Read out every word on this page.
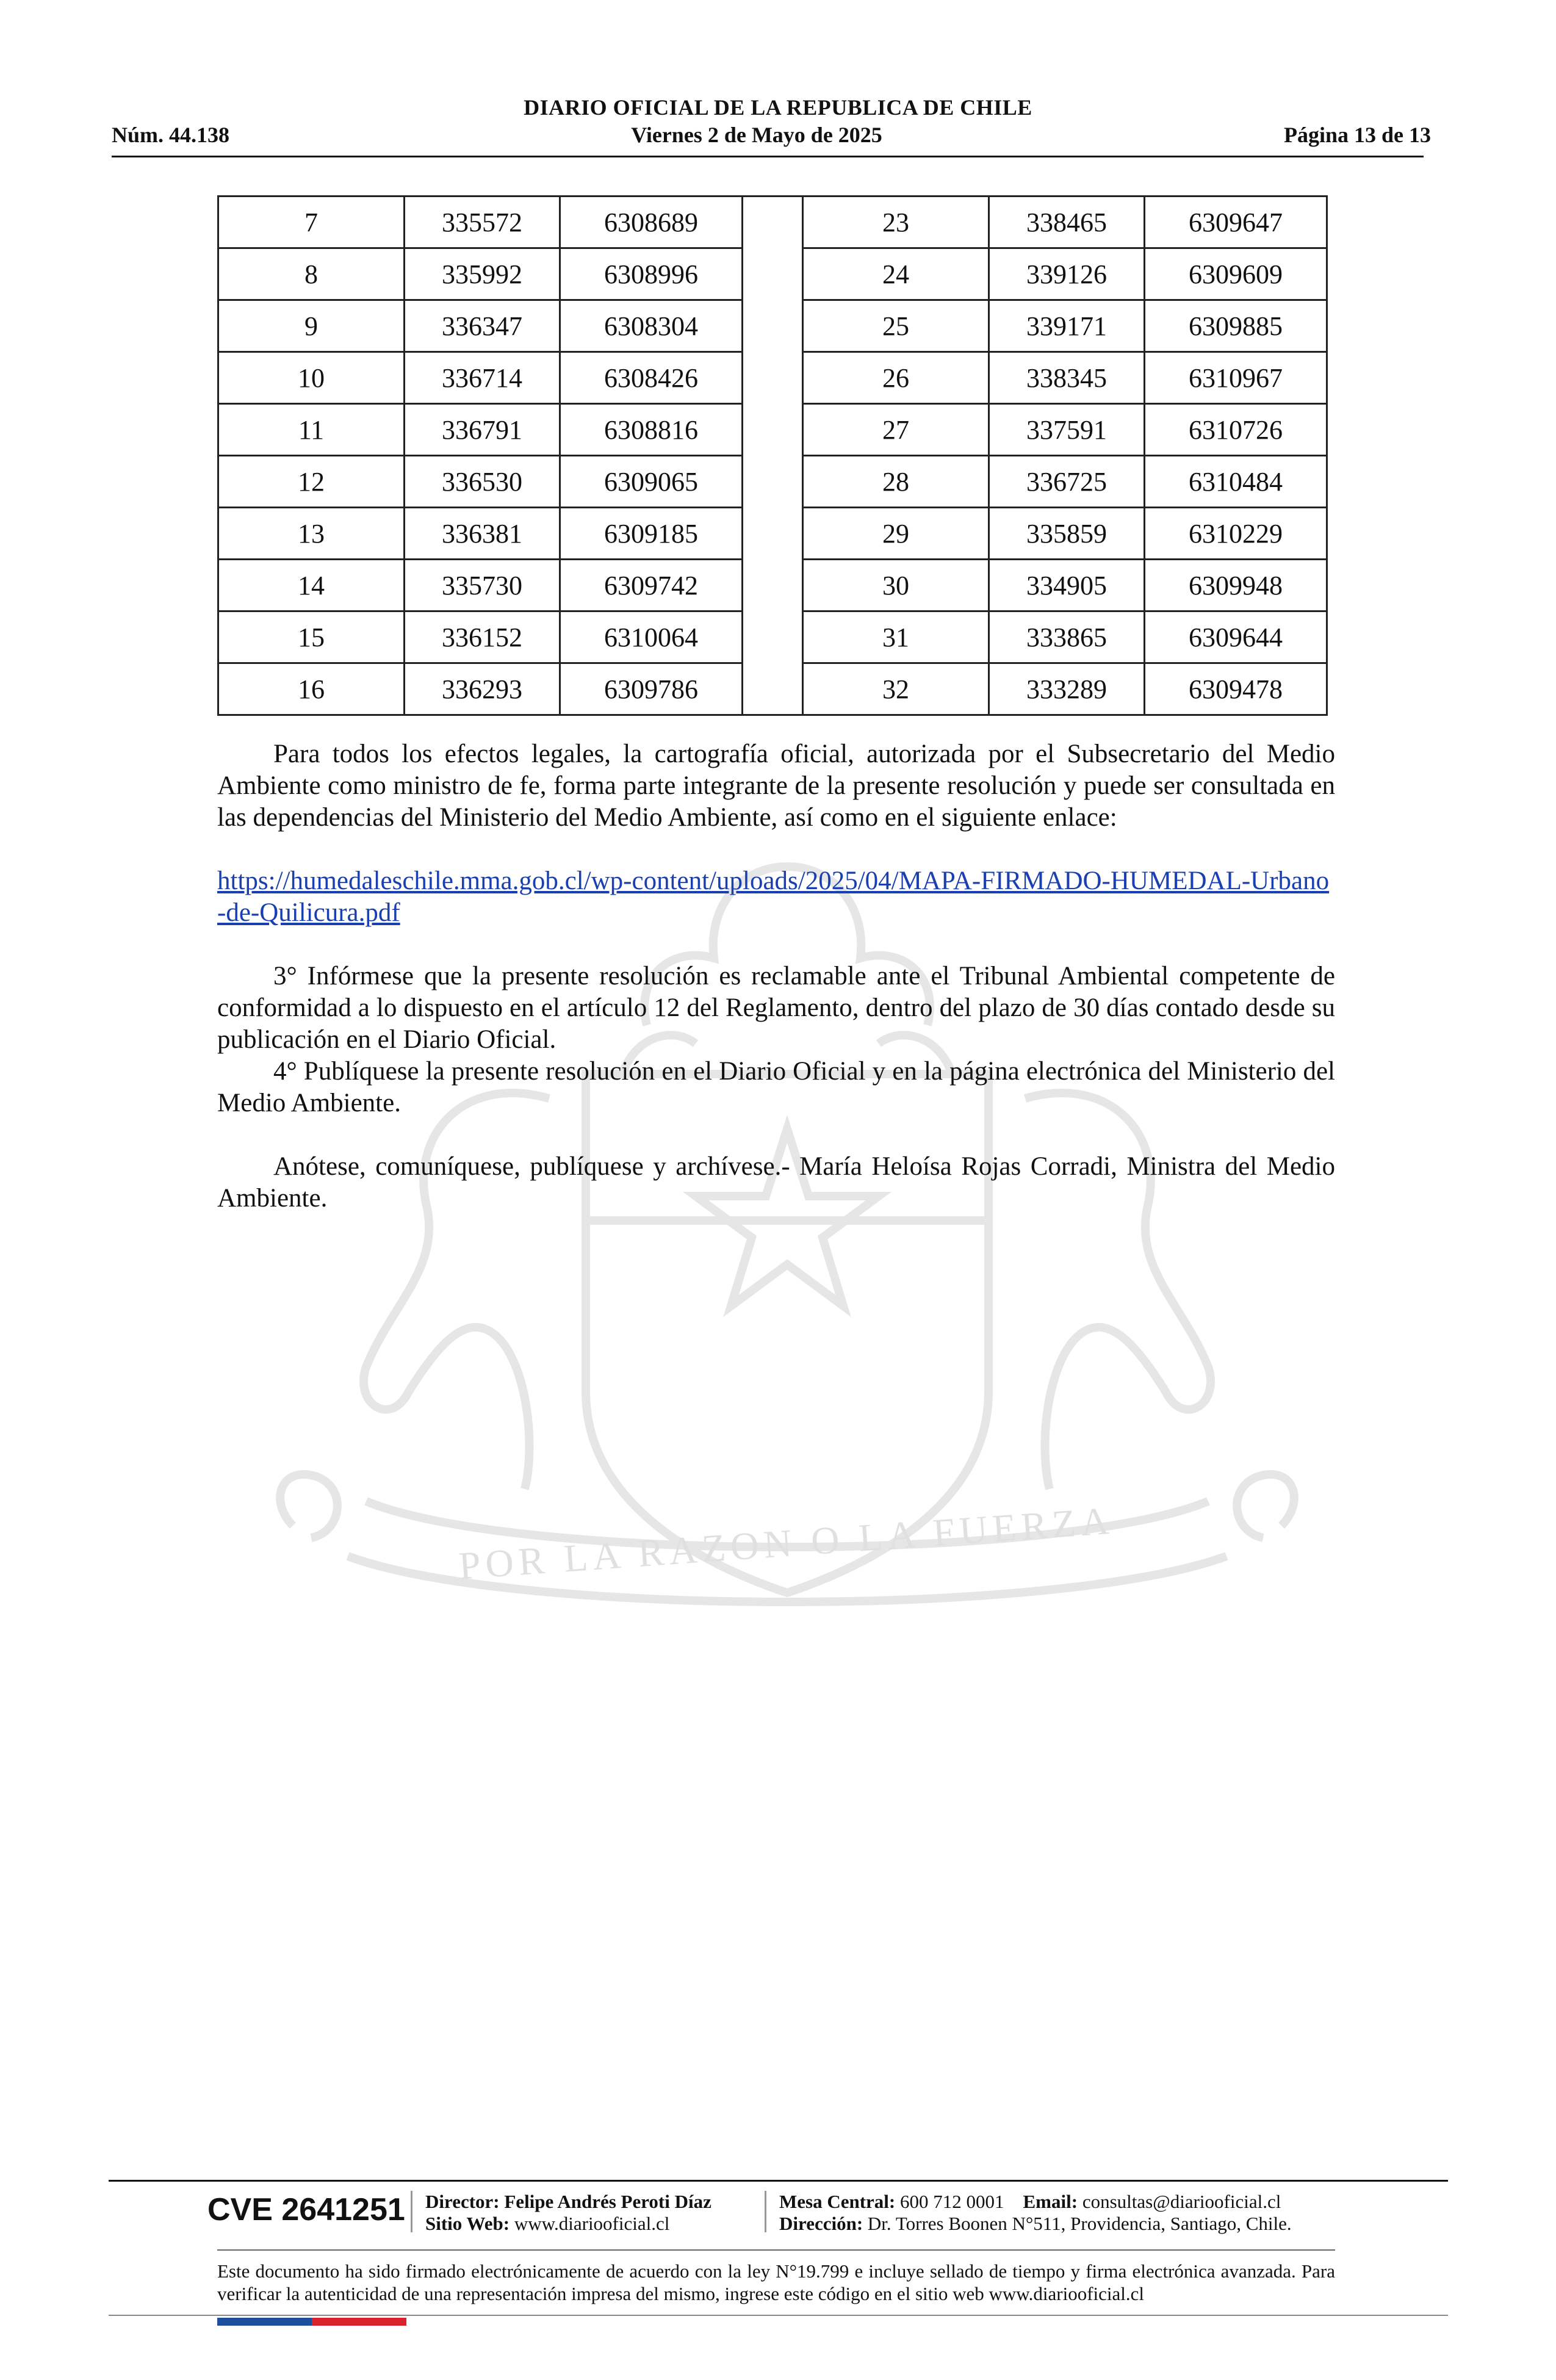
POR LA RAZON O LA FUERZA
DIARIO OFICIAL DE LA REPUBLICA DE CHILE
Núm. 44.138	Viernes 2 de Mayo de 2025	Página 13 de 13
7	335572	6308689		23	338465	6309647
8	335992	6308996		24	339126	6309609
9	336347	6308304		25	339171	6309885
10	336714	6308426		26	338345	6310967
11	336791	6308816		27	337591	6310726
12	336530	6309065		28	336725	6310484
13	336381	6309185		29	335859	6310229
14	335730	6309742		30	334905	6309948
15	336152	6310064		31	333865	6309644
16	336293	6309786		32	333289	6309478

Para todos los efectos legales, la cartografía oficial, autorizada por el Subsecretario del Medio Ambiente como ministro de fe, forma parte integrante de la presente resolución y puede ser consultada en las dependencias del Ministerio del Medio Ambiente, así como en el siguiente enlace:

https://humedaleschile.mma.gob.cl/wp-content/uploads/2025/04/MAPA-FIRMADO-HUMEDAL-Urbano-de-Quilicura.pdf

3° Infórmese que la presente resolución es reclamable ante el Tribunal Ambiental competente de conformidad a lo dispuesto en el artículo 12 del Reglamento, dentro del plazo de 30 días contado desde su publicación en el Diario Oficial.

4° Publíquese la presente resolución en el Diario Oficial y en la página electrónica del Ministerio del Medio Ambiente.

Anótese, comuníquese, publíquese y archívese.- María Heloísa Rojas Corradi, Ministra del Medio Ambiente.

CVE 2641251 Director: Felipe Andrés Peroti Díaz
Sitio Web: www.diariooficial.cl
Mesa Central: 600 712 0001 Email: consultas@diariooficial.cl
Dirección: Dr. Torres Boonen N°511, Providencia, Santiago, Chile.
Este documento ha sido firmado electrónicamente de acuerdo con la ley N°19.799 e incluye sellado de tiempo y firma electrónica avanzada. Para verificar la autenticidad de una representación impresa del mismo, ingrese este código en el sitio web www.diariooficial.cl
